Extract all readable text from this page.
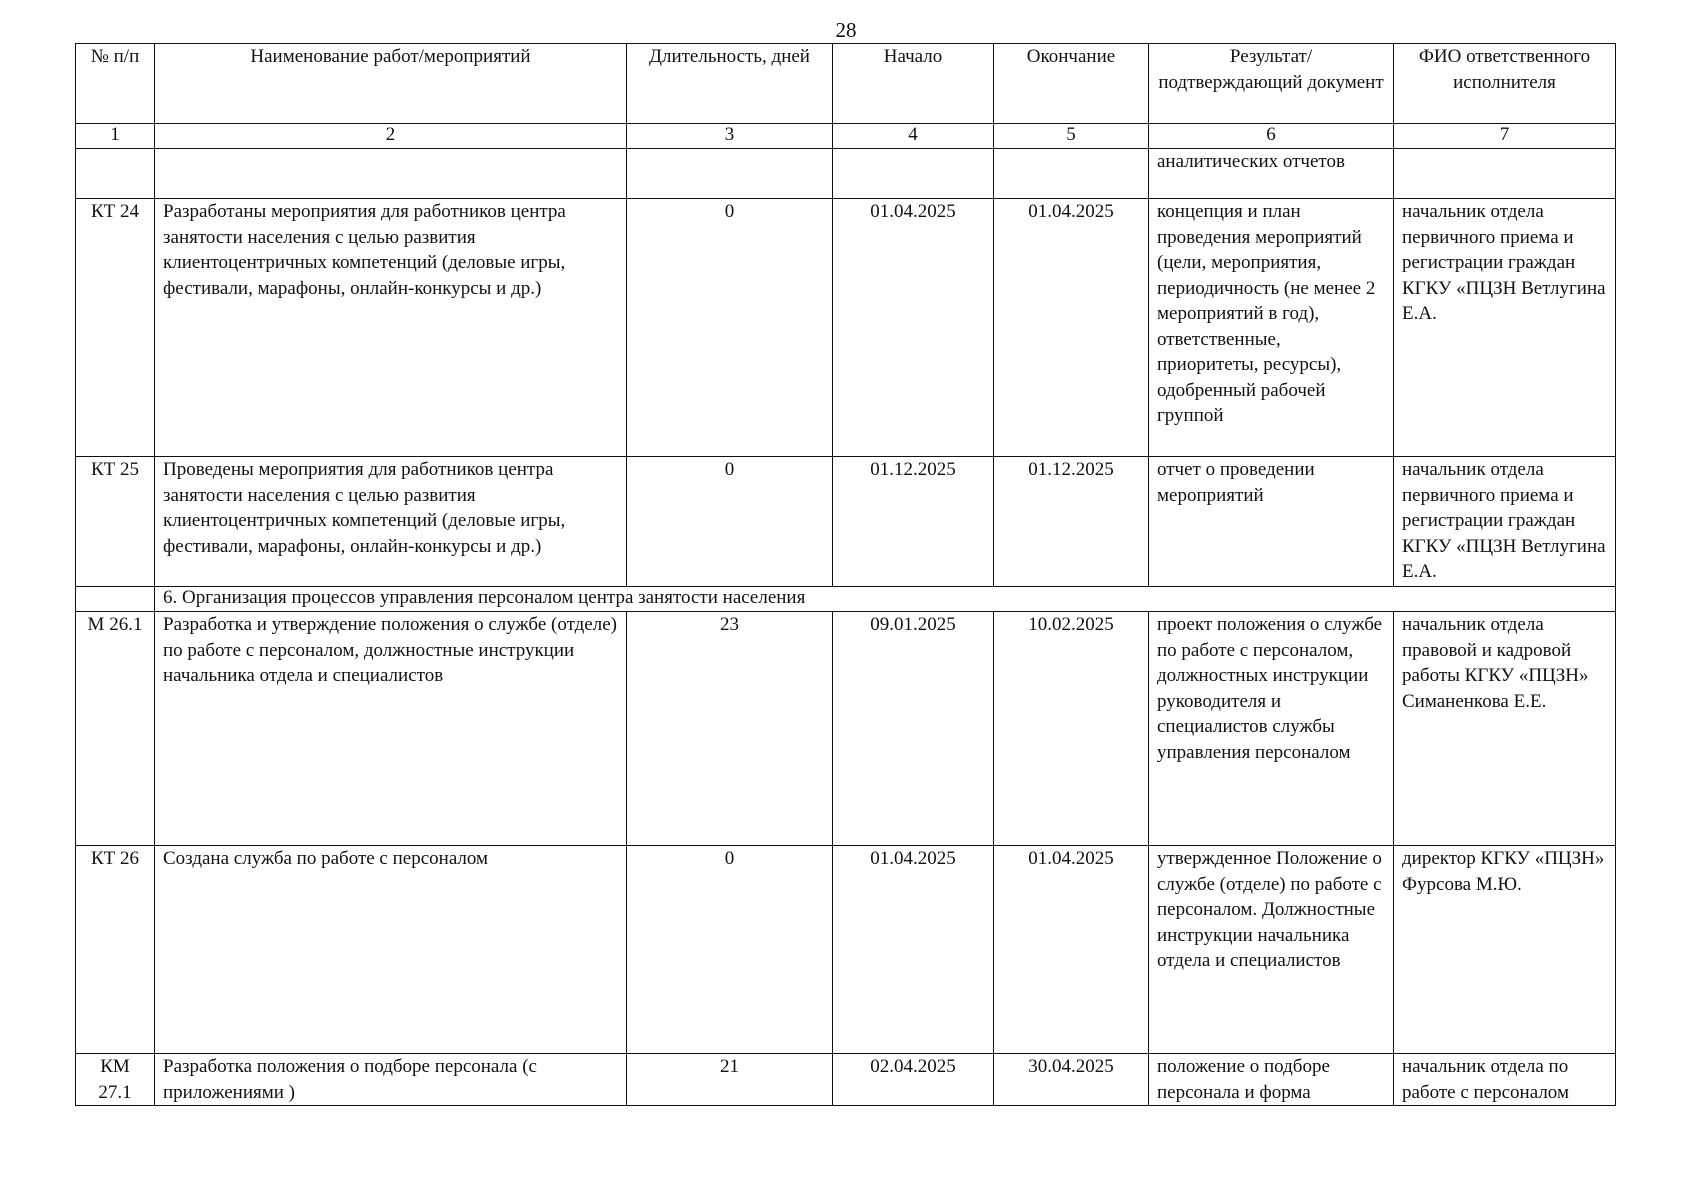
28
№ п/п	Наименование работ/мероприятий	Длительность, дней	Начало	Окончание	Результат/ подтверждающий документ	ФИО ответственного исполнителя
1	2	3	4	5	6	7
					аналитических отчетов	
КТ 24	Разработаны мероприятия для работников центра занятости населения с целью развития клиентоцентричных компетенций (деловые игры, фестивали, марафоны, онлайн-конкурсы и др.)	0	01.04.2025	01.04.2025	концепция и план проведения мероприятий (цели, мероприятия, периодичность (не менее 2 мероприятий в год), ответственные, приоритеты, ресурсы), одобренный рабочей группой	начальник отдела первичного приема и регистрации граждан КГКУ «ПЦЗН Ветлугина Е.А.
КТ 25	Проведены мероприятия для работников центра занятости населения с целью развития клиентоцентричных компетенций (деловые игры, фестивали, марафоны, онлайн-конкурсы и др.)	0	01.12.2025	01.12.2025	отчет о проведении мероприятий	начальник отдела первичного приема и регистрации граждан КГКУ «ПЦЗН Ветлугина Е.А.
	6. Организация процессов управления персоналом центра занятости населения					
М 26.1	Разработка и утверждение положения о службе (отделе) по работе с персоналом, должностные инструкции начальника отдела и специалистов	23	09.01.2025	10.02.2025	проект положения о службе по работе с персоналом, должностных инструкции руководителя и специалистов службы управления персоналом	начальник отдела правовой и кадровой работы КГКУ «ПЦЗН» Симаненкова Е.Е.
КТ 26	Создана служба по работе с персоналом	0	01.04.2025	01.04.2025	утвержденное Положение о службе (отделе) по работе с персоналом. Должностные инструкции начальника отдела и специалистов	директор КГКУ «ПЦЗН» Фурсова М.Ю.
КМ 27.1	Разработка положения о подборе персонала (с приложениями )	21	02.04.2025	30.04.2025	положение о подборе персонала и форма	начальник отдела по работе с персоналом
